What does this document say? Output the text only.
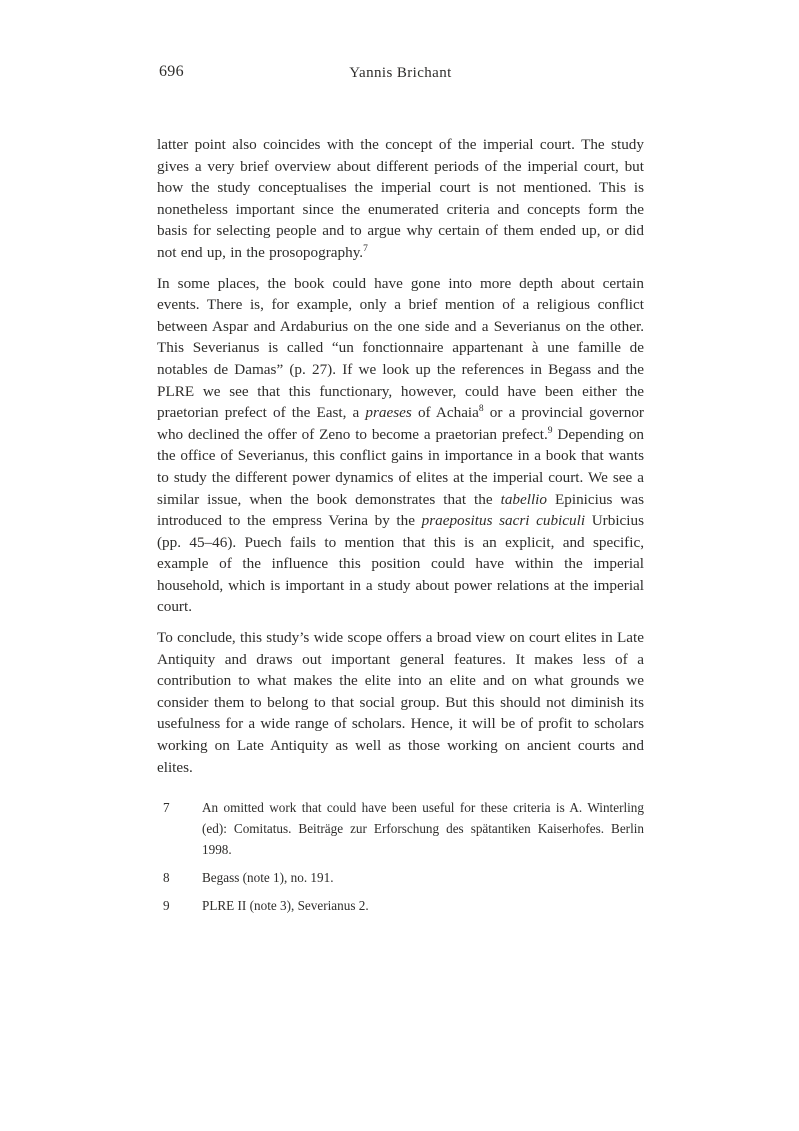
696	Yannis Brichant

latter point also coincides with the concept of the imperial court. The study gives a very brief overview about different periods of the imperial court, but how the study conceptualises the imperial court is not mentioned. This is nonetheless important since the enumerated criteria and concepts form the basis for selecting people and to argue why certain of them ended up, or did not end up, in the prosopography.$^7$

In some places, the book could have gone into more depth about certain events. There is, for example, only a brief mention of a religious conflict between Aspar and Ardaburius on the one side and a Severianus on the other. This Severianus is called “un fonctionnaire appartenant à une famille de notables de Damas” (p. 27). If we look up the references in Begass and the PLRE we see that this functionary, however, could have been either the praetorian prefect of the East, a praeses of Achaia$^8$ or a provincial governor who declined the offer of Zeno to become a praetorian prefect.$^9$ Depending on the office of Severianus, this conflict gains in importance in a book that wants to study the different power dynamics of elites at the imperial court. We see a similar issue, when the book demonstrates that the tabellio Epinicius was introduced to the empress Verina by the praepositus sacri cubiculi Urbicius (pp. 45–46). Puech fails to mention that this is an explicit, and specific, example of the influence this position could have within the imperial household, which is important in a study about power relations at the imperial court.

To conclude, this study’s wide scope offers a broad view on court elites in Late Antiquity and draws out important general features. It makes less of a contribution to what makes the elite into an elite and on what grounds we consider them to belong to that social group. But this should not diminish its usefulness for a wide range of scholars. Hence, it will be of profit to scholars working on Late Antiquity as well as those working on ancient courts and elites.

7	An omitted work that could have been useful for these criteria is A. Winterling (ed): Comitatus. Beiträge zur Erforschung des spätantiken Kaiserhofes. Berlin 1998.
8	Begass (note 1), no. 191.
9	PLRE II (note 3), Severianus 2.
